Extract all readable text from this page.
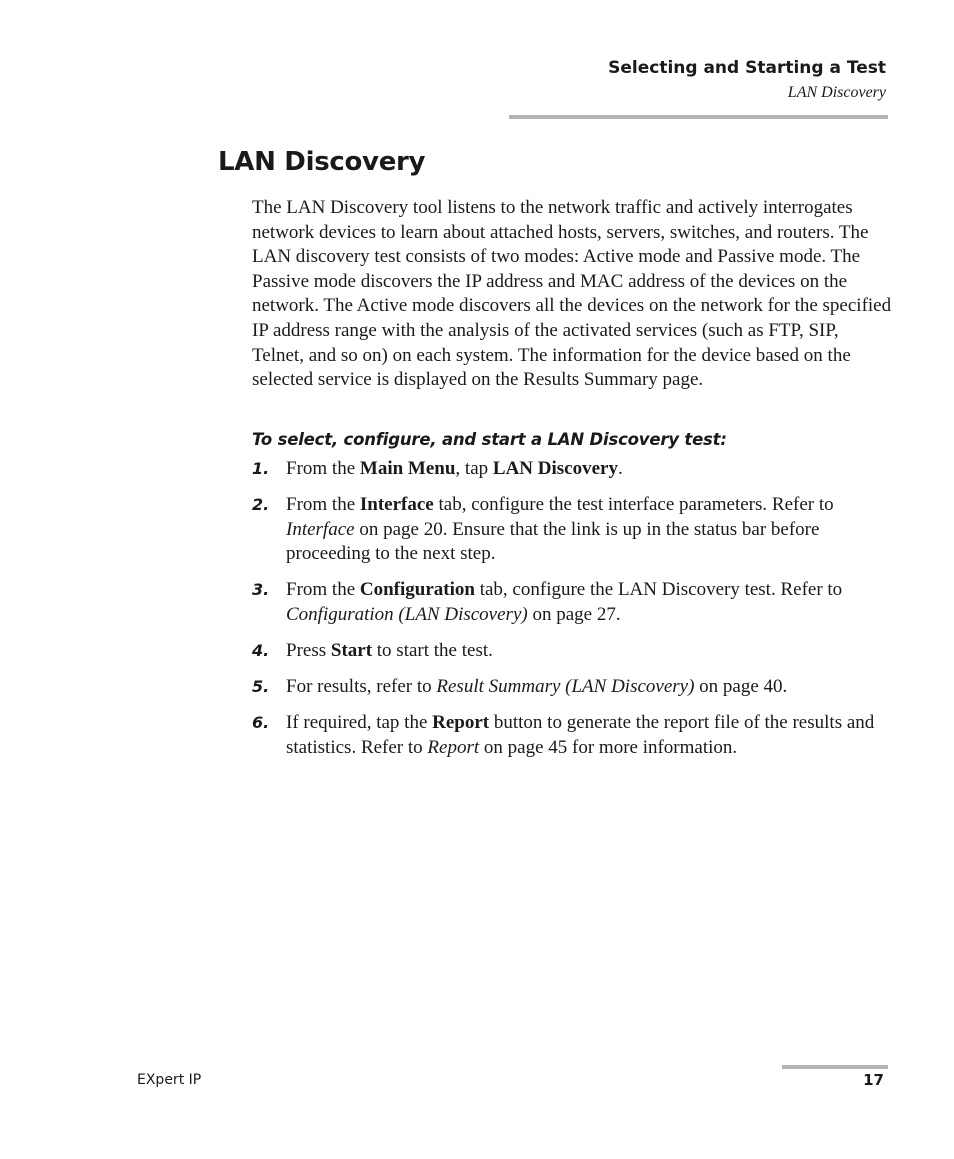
Selecting and Starting a Test
LAN Discovery
LAN Discovery

The LAN Discovery tool listens to the network traffic and actively interrogates network devices to learn about attached hosts, servers, switches, and routers. The LAN discovery test consists of two modes: Active mode and Passive mode. The Passive mode discovers the IP address and MAC address of the devices on the network. The Active mode discovers all the devices on the network for the specified IP address range with the analysis of the activated services (such as FTP, SIP, Telnet, and so on) on each system. The information for the device based on the selected service is displayed on the Results Summary page.

To select, configure, and start a LAN Discovery test:

1. From the Main Menu, tap LAN Discovery.
2. From the Interface tab, configure the test interface parameters. Refer to Interface on page 20. Ensure that the link is up in the status bar before proceeding to the next step.
3. From the Configuration tab, configure the LAN Discovery test. Refer to Configuration (LAN Discovery) on page 27.
4. Press Start to start the test.
5. For results, refer to Result Summary (LAN Discovery) on page 40.
6. If required, tap the Report button to generate the report file of the results and statistics. Refer to Report on page 45 for more information.
EXpert IP	17
